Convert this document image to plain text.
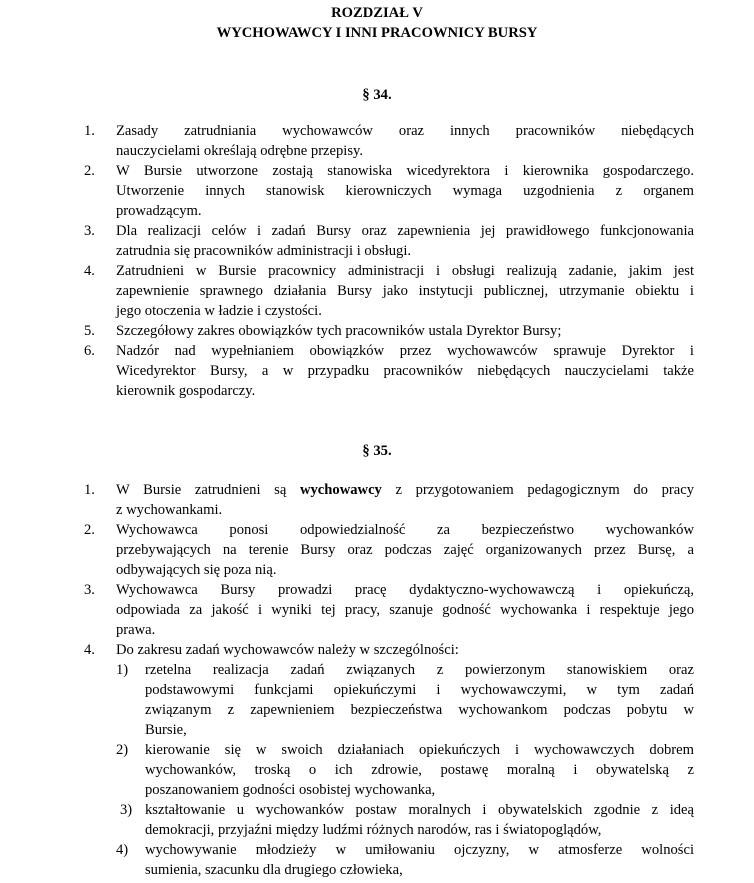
ROZDZIAŁ V
WYCHOWAWCY I INNI PRACOWNICY BURSY
§ 34.
1. Zasady zatrudniania wychowawców oraz innych pracowników niebędących
nauczycielami określają odrębne przepisy.
2. W Bursie utworzone zostają stanowiska wicedyrektora i kierownika gospodarczego.
Utworzenie innych stanowisk kierowniczych wymaga uzgodnienia z organem
prowadzącym.
3. Dla realizacji celów i zadań Bursy oraz zapewnienia jej prawidłowego funkcjonowania
zatrudnia się pracowników administracji i obsługi.
4. Zatrudnieni w Bursie pracownicy administracji i obsługi realizują zadanie, jakim jest
zapewnienie sprawnego działania Bursy jako instytucji publicznej, utrzymanie obiektu i
jego otoczenia w ładzie i czystości.
5. Szczegółowy zakres obowiązków tych pracowników ustala Dyrektor Bursy;
6. Nadzór nad wypełnianiem obowiązków przez wychowawców sprawuje Dyrektor i
Wicedyrektor Bursy, a w przypadku pracowników niebędących nauczycielami także
kierownik gospodarczy.
§ 35.
1. W Bursie zatrudnieni są wychowawcy z przygotowaniem pedagogicznym do pracy
z wychowankami.
2. Wychowawca ponosi odpowiedzialność za bezpieczeństwo wychowanków
przebywających na terenie Bursy oraz podczas zajęć organizowanych przez Bursę, a
odbywających się poza nią.
3. Wychowawca Bursy prowadzi pracę dydaktyczno-wychowawczą i opiekuńczą,
odpowiada za jakość i wyniki tej pracy, szanuje godność wychowanka i respektuje jego
prawa.
4. Do zakresu zadań wychowawców należy w szczególności:
1) rzetelna realizacja zadań związanych z powierzonym stanowiskiem oraz
podstawowymi funkcjami opiekuńczymi i wychowawczymi, w tym zadań
związanym z zapewnieniem bezpieczeństwa wychowankom podczas pobytu w
Bursie,
2) kierowanie się w swoich działaniach opiekuńczych i wychowawczych dobrem
wychowanków, troską o ich zdrowie, postawę moralną i obywatelską z
poszanowaniem godności osobistej wychowanka,
3) kształtowanie u wychowanków postaw moralnych i obywatelskich zgodnie z ideą
demokracji, przyjaźni między ludźmi różnych narodów, ras i światopoglądów,
4) wychowywanie młodzieży w umiłowaniu ojczyzny, w atmosferze wolności
sumienia, szacunku dla drugiego człowieka,
